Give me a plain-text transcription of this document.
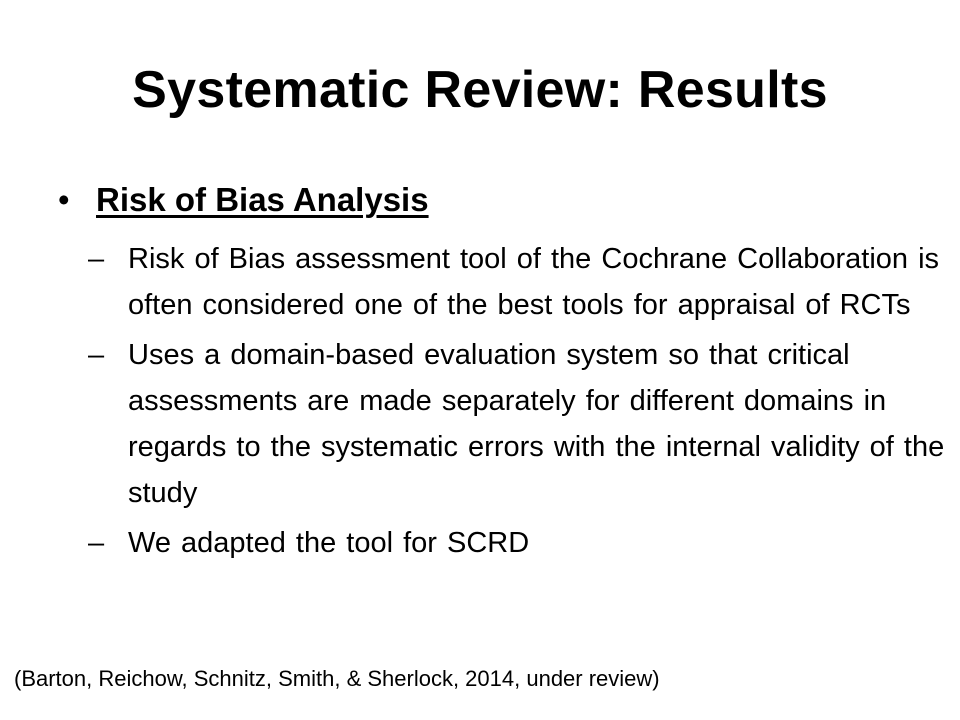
Systematic Review: Results
• Risk of Bias Analysis
– Risk of Bias assessment tool of the Cochrane Collaboration is often considered one of the best tools for appraisal of RCTs
– Uses a domain-based evaluation system so that critical assessments are made separately for different domains in regards to the systematic errors with the internal validity of the study
– We adapted the tool for SCRD
(Barton, Reichow, Schnitz, Smith, & Sherlock, 2014, under review)
